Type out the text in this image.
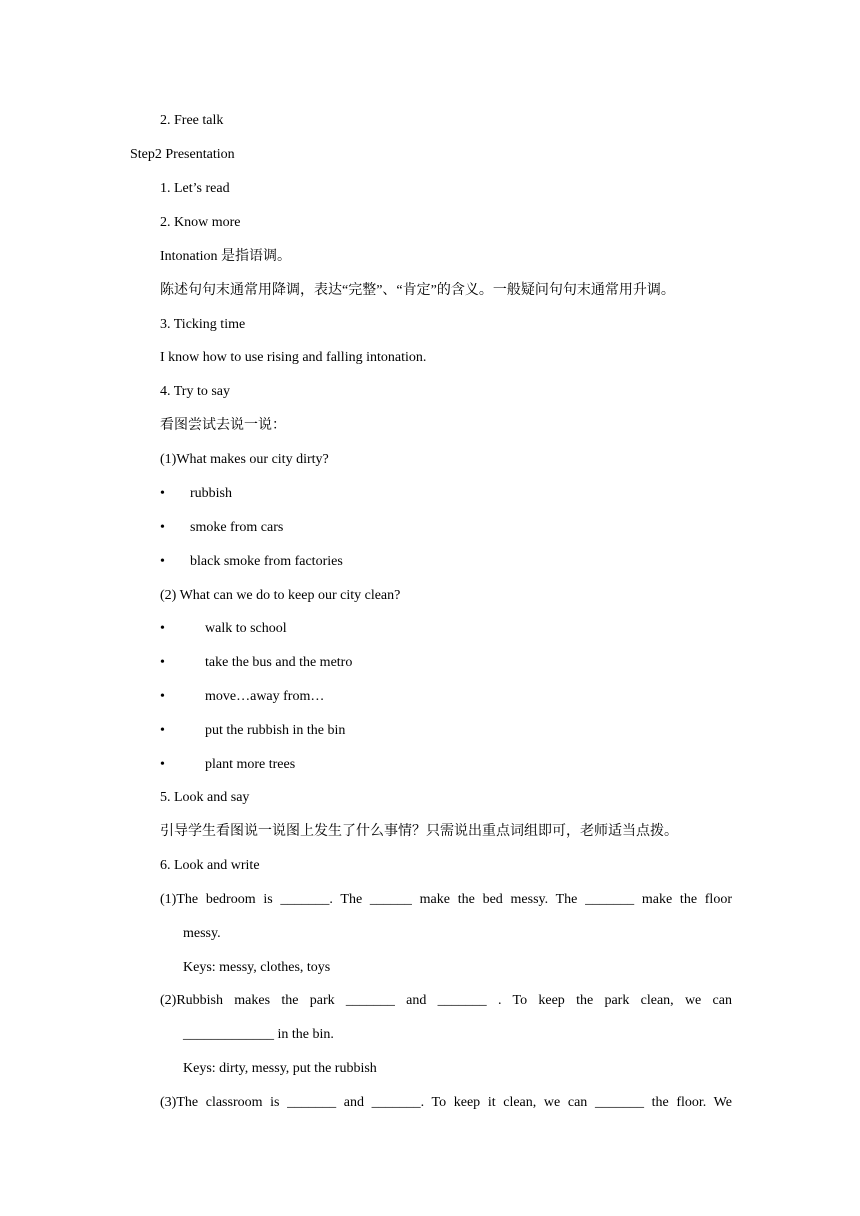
2. Free talk
Step2 Presentation
1. Let’s read
2. Know more
Intonation 是指语调。
陈述句句末通常用降调，表达“完整”、“肯定”的含义。一般疑问句句末通常用升调。
3. Ticking time
I know how to use rising and falling intonation.
4. Try to say
看图尝试去说一说：
(1)What makes our city dirty?
• rubbish
• smoke from cars
• black smoke from factories
(2) What can we do to keep our city clean?
•	walk to school
•	take the bus and the metro
•	move…away from…
•	put the rubbish in the bin
•	plant more trees
5. Look and say
引导学生看图说一说图上发生了什么事情？只需说出重点词组即可，老师适当点拨。
6. Look and write
(1)The bedroom is _______. The ______ make the bed messy. The _______ make the floor
messy.
Keys: messy, clothes, toys
(2)Rubbish makes the park _______ and _______ . To keep the park clean, we can
_____________ in the bin.
Keys: dirty, messy, put the rubbish
(3)The classroom is _______ and _______. To keep it clean, we can _______ the floor. We
